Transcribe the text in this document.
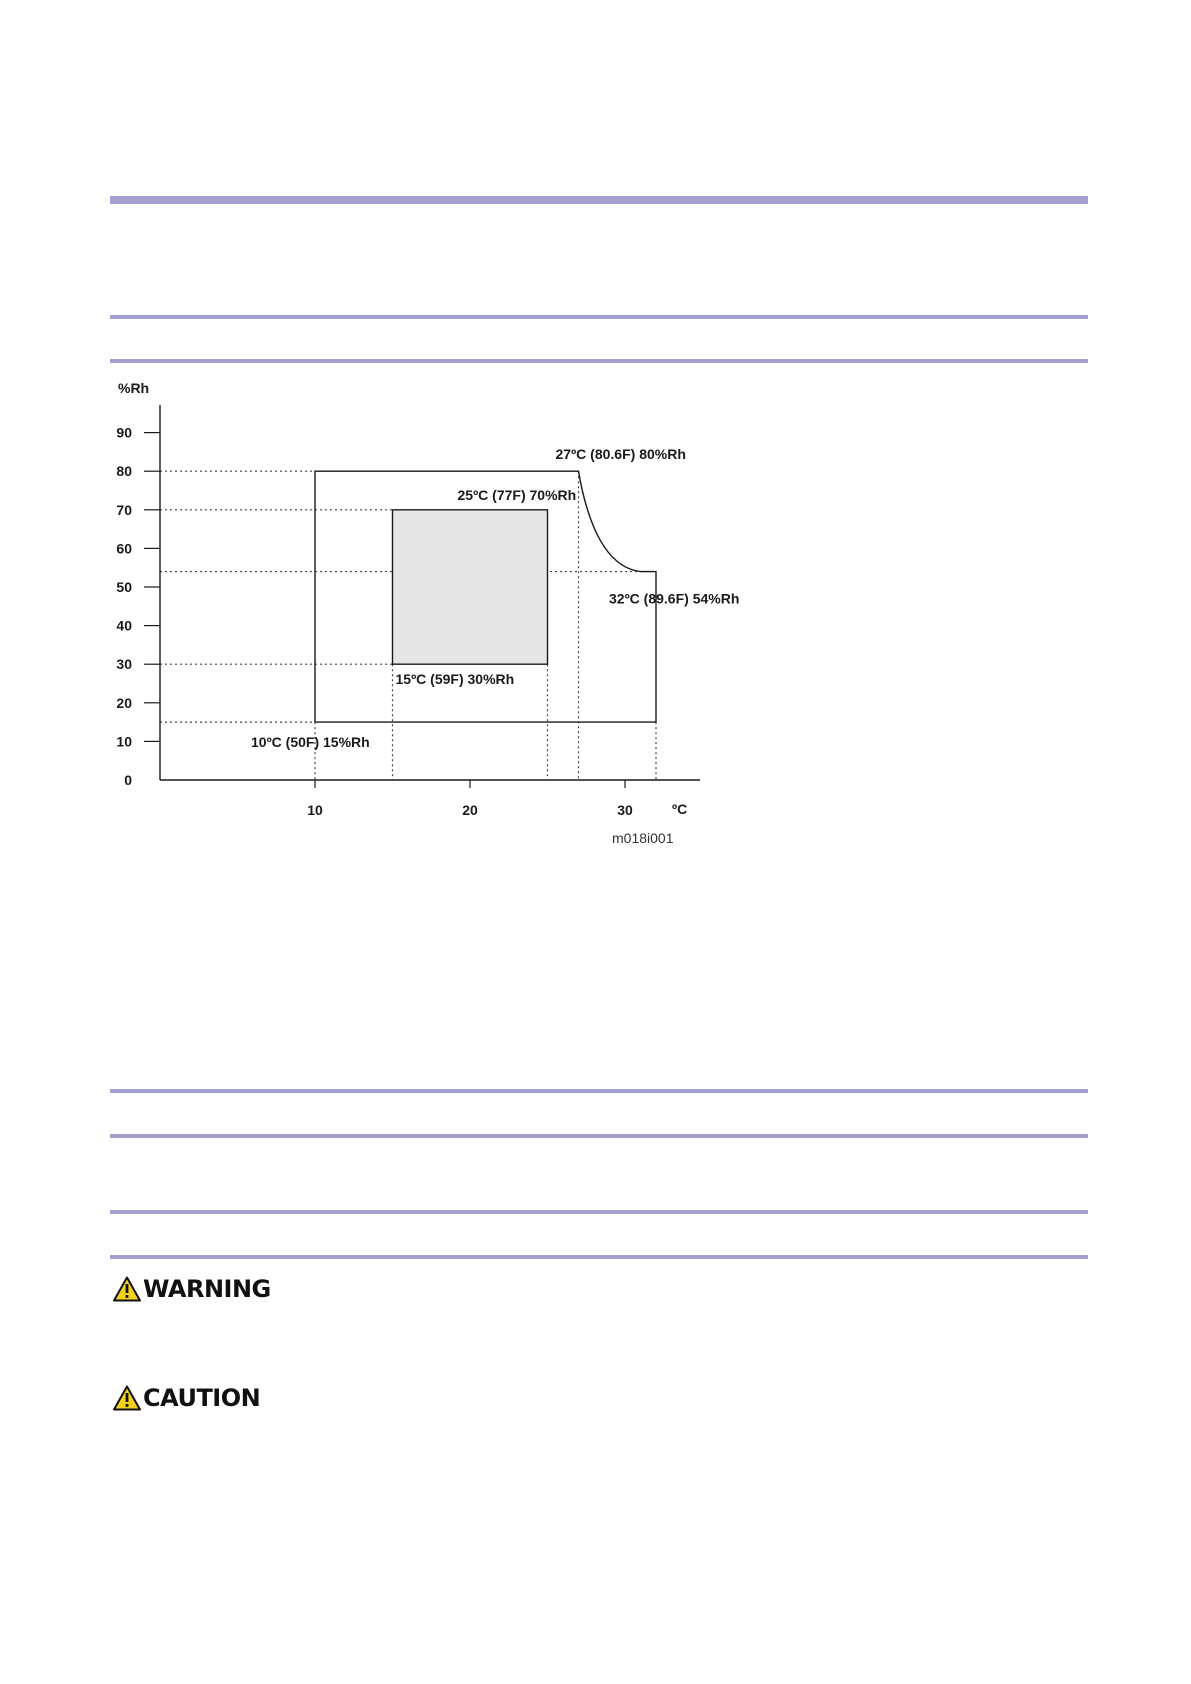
0
10
20
30
40
50
60
70
80
90
10	20	30
%Rh
ºC
27ºC (80.6F) 80%Rh
25ºC (77F) 70%Rh
32ºC (89.6F) 54%Rh
15ºC (59F) 30%Rh
10ºC (50F) 15%Rh
m018i001
WARNING
CAUTION
